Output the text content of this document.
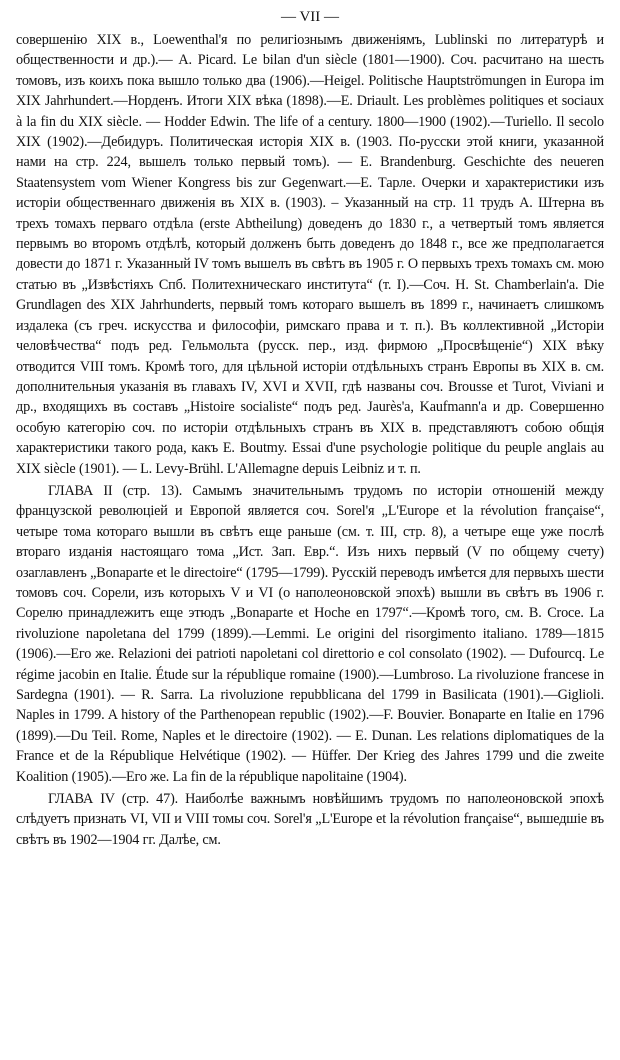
— VII —

совершенію XIX в., Loewenthal'я по религіознымъ движеніямъ, Lublinski по литературѣ и общественности и др.).— A. Picard. Le bilan d'un siècle (1801—1900). Соч. расчитано на шесть томовъ, изъ коихъ пока вышло только два (1906).—Heigel. Politische Hauptströmungen in Europa im XIX Jahrhundert.—Норденъ. Итоги XIX вѣка (1898).—E. Driault. Les problèmes politiques et sociaux à la fin du XIX siècle. — Hodder Edwin. The life of a century. 1800—1900 (1902).—Turiello. Il secolo XIX (1902).—Дебидуръ. Политическая исторія XIX в. (1903. По-русски этой книги, указанной нами на стр. 224, вышелъ только первый томъ). — E. Brandenburg. Geschichte des neueren Staatensystem vom Wiener Kongress bis zur Gegenwart.—E. Тарле. Очерки и характеристики изъ исторіи общественнаго движенія въ XIX в. (1903). – Указанный на стр. 11 трудъ A. Штерна въ трехъ томахъ перваго отдѣла (erste Abtheilung) доведенъ до 1830 г., а четвертый томъ является первымъ во второмъ отдѣлѣ, который долженъ быть доведенъ до 1848 г., все же предполагается довести до 1871 г. Указанный IV томъ вышелъ въ свѣтъ въ 1905 г. О первыхъ трехъ томахъ см. мою статью въ „Извѣстіяхъ Спб. Политехническаго института“ (т. I).—Соч. H. St. Chamberlain'a. Die Grundlagen des XIX Jahrhunderts, первый томъ котораго вышелъ въ 1899 г., начинаетъ слишкомъ издалека (съ греч. искусства и философіи, римскаго права и т. п.). Въ коллективной „Исторіи человѣчества“ подъ ред. Гельмольта (русск. пер., изд. фирмою „Просвѣщеніе“) XIX вѣку отводится VIII томъ. Кромѣ того, для цѣльной исторіи отдѣльныхъ странъ Европы въ XIX в. см. дополнительныя указанія въ главахъ IV, XVI и XVII, гдѣ названы соч. Brousse et Turot, Viviani и др., входящихъ въ составъ „Histoire socialiste“ подъ ред. Jaurès'a, Kaufmann'a и др. Совершенно особую категорію соч. по исторіи отдѣльныхъ странъ въ XIX в. представляютъ собою общія характеристики такого рода, какъ E. Boutmy. Essai d'une psychologie politique du peuple anglais au XIX siècle (1901). — L. Levy-Brühl. L'Allemagne depuis Leibniz и т. п.

ГЛАВА II (стр. 13). Самымъ значительнымъ трудомъ по исторіи отношеній между французской революціей и Европой является соч. Sorel'я „L'Europe et la révolution française“, четыре тома котораго вышли въ свѣтъ еще раньше (см. т. III, стр. 8), а четыре еще уже послѣ втораго изданія настоящаго тома „Ист. Зап. Евр.“. Изъ нихъ первый (V по общему счету) озаглавленъ „Bonaparte et le directoire“ (1795—1799). Русскій переводъ имѣется для первыхъ шести томовъ соч. Сорели, изъ которыхъ V и VI (о наполеоновской эпохѣ) вышли въ свѣтъ въ 1906 г. Сорелю принадлежитъ еще этюдъ „Bonaparte et Hoche en 1797“.—Кромѣ того, см. B. Croce. La rivoluzione napoletana del 1799 (1899).—Lemmi. Le origini del risorgimento italiano. 1789—1815 (1906).—Его же. Relazioni dei patrioti napoletani col direttorio e col consolato (1902). — Dufourcq. Le régime jacobin en Italie. Étude sur la république romaine (1900).—Lumbroso. La rivoluzione francese in Sardegna (1901). — R. Sarra. La rivoluzione repubblicana del 1799 in Basilicata (1901).—Giglioli. Naples in 1799. A history of the Parthenopean republic (1902).—F. Bouvier. Bonaparte en Italie en 1796 (1899).—Du Teil. Rome, Naples et le directoire (1902). — E. Dunan. Les relations diplomatiques de la France et de la République Helvétique (1902). — Hüffer. Der Krieg des Jahres 1799 und die zweite Koalition (1905).—Его же. La fin de la république napolitaine (1904).

ГЛАВА IV (стр. 47). Наиболѣе важнымъ новѣйшимъ трудомъ по наполеоновской эпохѣ слѣдуетъ признать VI, VII и VIII томы соч. Sorel'я „L'Europe et la révolution française“, вышедшіе въ свѣтъ въ 1902—1904 гг. Далѣе, см.
